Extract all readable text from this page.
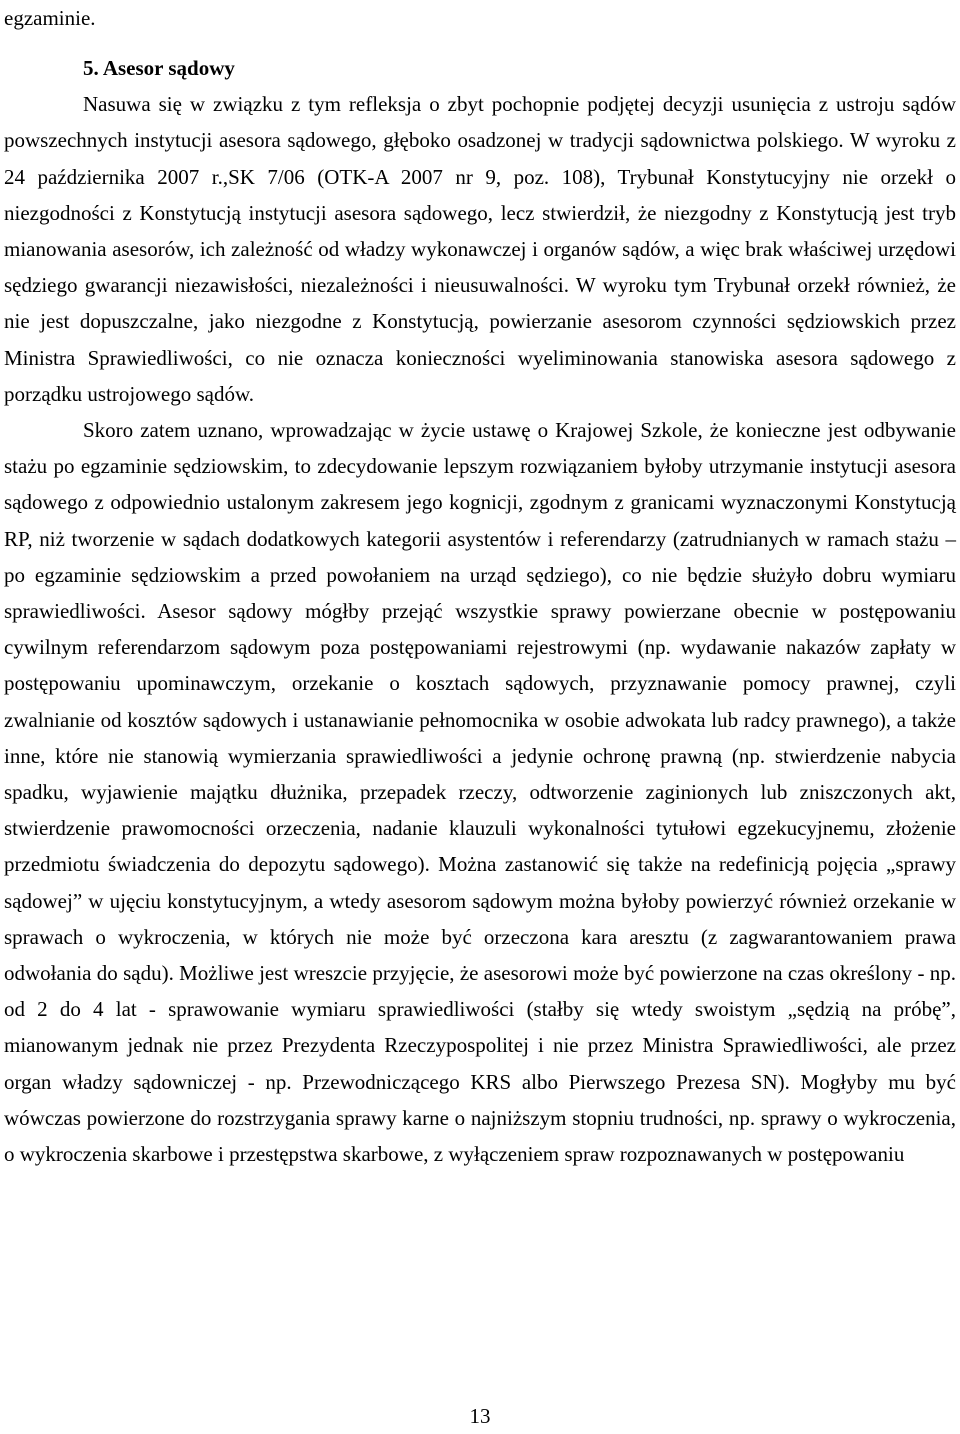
egzaminie.

5. Asesor sądowy

Nasuwa się w związku z tym refleksja o zbyt pochopnie podjętej decyzji usunięcia z ustroju sądów powszechnych instytucji asesora sądowego, głęboko osadzonej w tradycji sądownictwa polskiego. W wyroku z 24 października 2007 r.,SK 7/06 (OTK-A 2007 nr 9, poz. 108), Trybunał Konstytucyjny nie orzekł o niezgodności z Konstytucją instytucji asesora sądowego, lecz stwierdził, że niezgodny z Konstytucją jest tryb mianowania asesorów, ich zależność od władzy wykonawczej i organów sądów, a więc brak właściwej urzędowi sędziego gwarancji niezawisłości, niezależności i nieusuwalności. W wyroku tym Trybunał orzekł również, że nie jest dopuszczalne, jako niezgodne z Konstytucją, powierzanie asesorom czynności sędziowskich przez Ministra Sprawiedliwości, co nie oznacza konieczności wyeliminowania stanowiska asesora sądowego z porządku ustrojowego sądów.

Skoro zatem uznano, wprowadzając w życie ustawę o Krajowej Szkole, że konieczne jest odbywanie stażu po egzaminie sędziowskim, to zdecydowanie lepszym rozwiązaniem byłoby utrzymanie instytucji asesora sądowego z odpowiednio ustalonym zakresem jego kognicji, zgodnym z granicami wyznaczonymi Konstytucją RP, niż tworzenie w sądach dodatkowych kategorii asystentów i referendarzy (zatrudnianych w ramach stażu – po egzaminie sędziowskim a przed powołaniem na urząd sędziego), co nie będzie służyło dobru wymiaru sprawiedliwości. Asesor sądowy mógłby przejąć wszystkie sprawy powierzane obecnie w postępowaniu cywilnym referendarzom sądowym poza postępowaniami rejestrowymi (np. wydawanie nakazów zapłaty w postępowaniu upominawczym, orzekanie o kosztach sądowych, przyznawanie pomocy prawnej, czyli zwalnianie od kosztów sądowych i ustanawianie pełnomocnika w osobie adwokata lub radcy prawnego), a także inne, które nie stanowią wymierzania sprawiedliwości a jedynie ochronę prawną (np. stwierdzenie nabycia spadku, wyjawienie majątku dłużnika, przepadek rzeczy, odtworzenie zaginionych lub zniszczonych akt, stwierdzenie prawomocności orzeczenia, nadanie klauzuli wykonalności tytułowi egzekucyjnemu, złożenie przedmiotu świadczenia do depozytu sądowego). Można zastanowić się także na redefinicją pojęcia „sprawy sądowej” w ujęciu konstytucyjnym, a wtedy asesorom sądowym można byłoby powierzyć również orzekanie w sprawach o wykroczenia, w których nie może być orzeczona kara aresztu (z zagwarantowaniem prawa odwołania do sądu). Możliwe jest wreszcie przyjęcie, że asesorowi może być powierzone na czas określony - np. od 2 do 4 lat - sprawowanie wymiaru sprawiedliwości (stałby się wtedy swoistym „sędzią na próbę”, mianowanym jednak nie przez Prezydenta Rzeczypospolitej i nie przez Ministra Sprawiedliwości, ale przez organ władzy sądowniczej - np. Przewodniczącego KRS albo Pierwszego Prezesa SN). Mogłyby mu być wówczas powierzone do rozstrzygania sprawy karne o najniższym stopniu trudności, np. sprawy o wykroczenia, o wykroczenia skarbowe i przestępstwa skarbowe, z wyłączeniem spraw rozpoznawanych w postępowaniu

13
